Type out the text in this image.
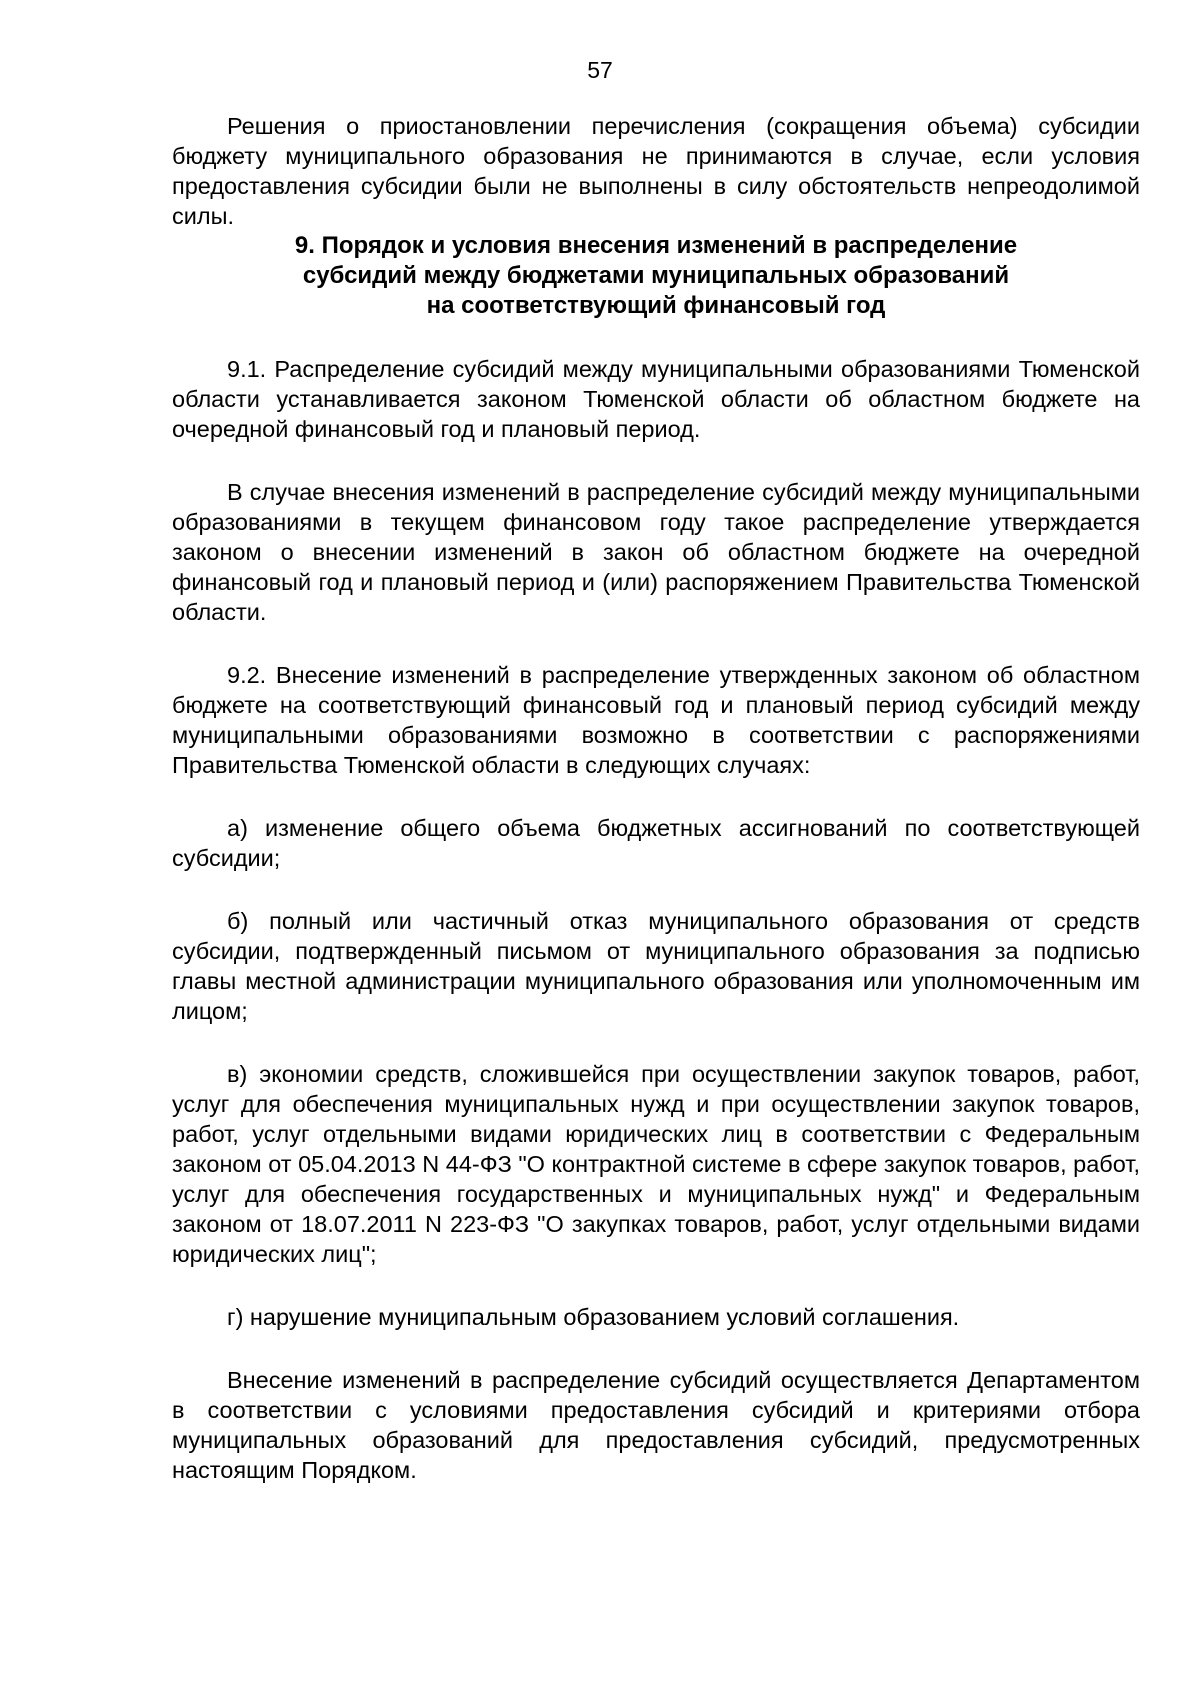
57

Решения о приостановлении перечисления (сокращения объема) субсидии бюджету муниципального образования не принимаются в случае, если условия предоставления субсидии были не выполнены в силу обстоятельств непреодолимой силы.

9. Порядок и условия внесения изменений в распределение
субсидий между бюджетами муниципальных образований
на соответствующий финансовый год

9.1. Распределение субсидий между муниципальными образованиями Тюменской области устанавливается законом Тюменской области об областном бюджете на очередной финансовый год и плановый период.

В случае внесения изменений в распределение субсидий между муниципальными образованиями в текущем финансовом году такое распределение утверждается законом о внесении изменений в закон об областном бюджете на очередной финансовый год и плановый период и (или) распоряжением Правительства Тюменской области.

9.2. Внесение изменений в распределение утвержденных законом об областном бюджете на соответствующий финансовый год и плановый период субсидий между муниципальными образованиями возможно в соответствии с распоряжениями Правительства Тюменской области в следующих случаях:

а) изменение общего объема бюджетных ассигнований по соответствующей субсидии;

б) полный или частичный отказ муниципального образования от средств субсидии, подтвержденный письмом от муниципального образования за подписью главы местной администрации муниципального образования или уполномоченным им лицом;

в) экономии средств, сложившейся при осуществлении закупок товаров, работ, услуг для обеспечения муниципальных нужд и при осуществлении закупок товаров, работ, услуг отдельными видами юридических лиц в соответствии с Федеральным законом от 05.04.2013 N 44-ФЗ "О контрактной системе в сфере закупок товаров, работ, услуг для обеспечения государственных и муниципальных нужд" и Федеральным законом от 18.07.2011 N 223-ФЗ "О закупках товаров, работ, услуг отдельными видами юридических лиц";

г) нарушение муниципальным образованием условий соглашения.

Внесение изменений в распределение субсидий осуществляется Департаментом в соответствии с условиями предоставления субсидий и критериями отбора муниципальных образований для предоставления субсидий, предусмотренных настоящим Порядком.
